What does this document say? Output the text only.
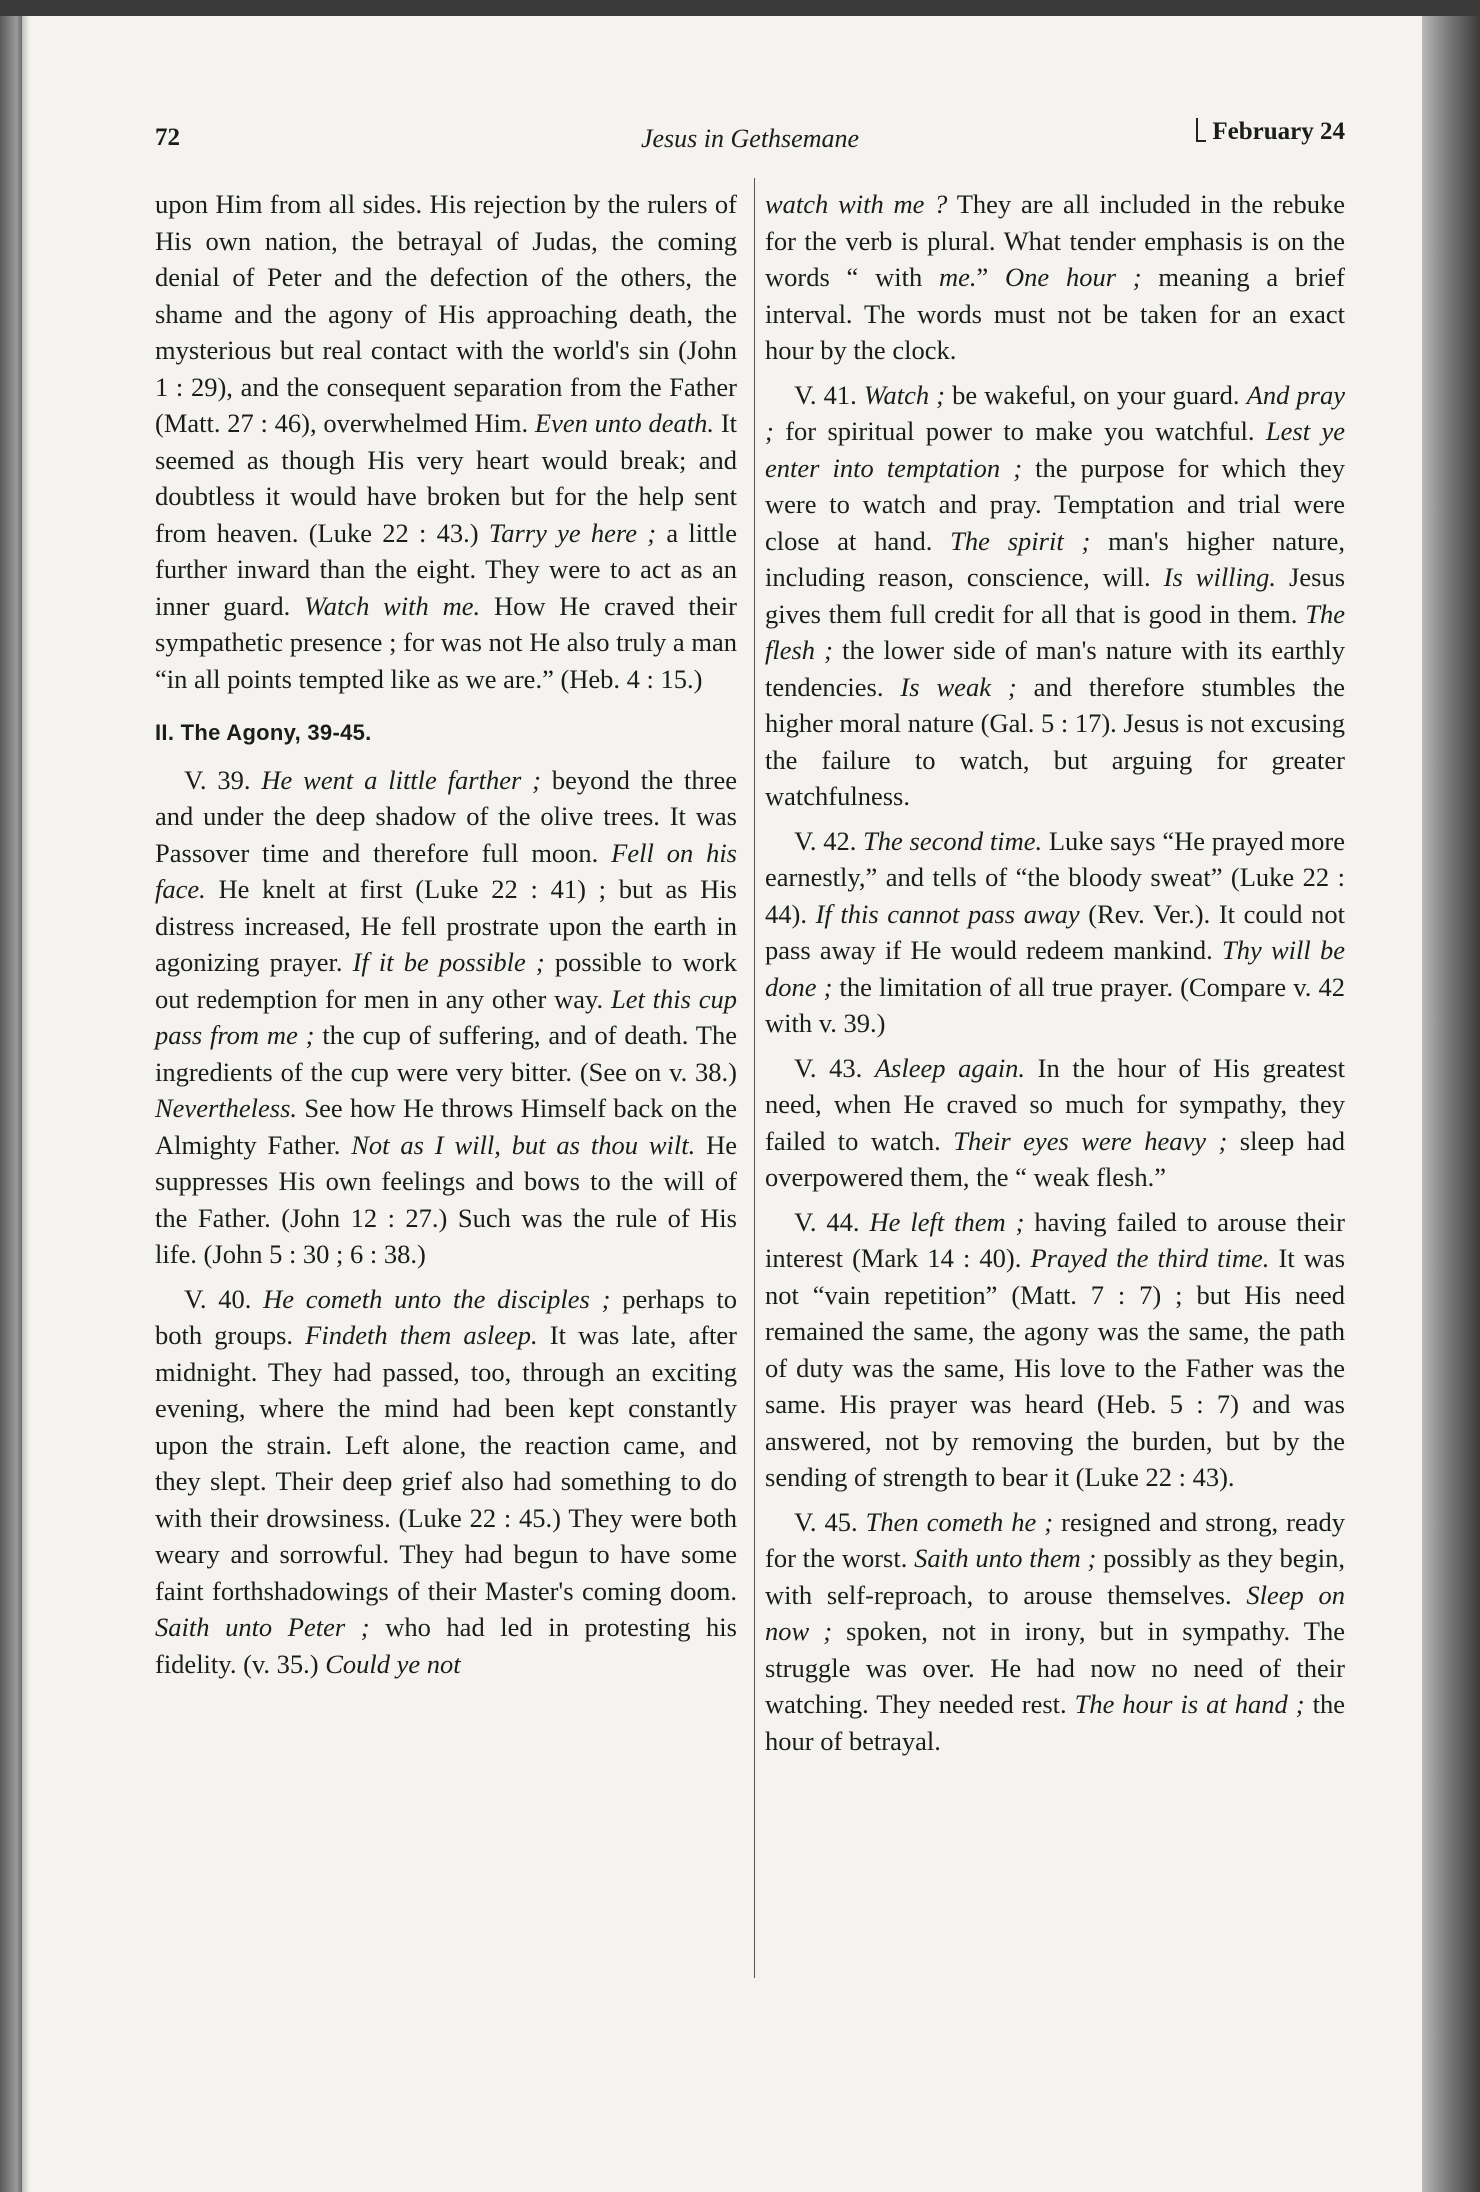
72	Jesus in Gethsemane	February 24

upon Him from all sides. His rejection by the rulers of His own nation, the betrayal of Judas, the coming denial of Peter and the defection of the others, the shame and the agony of His approaching death, the mysterious but real contact with the world's sin (John 1 : 29), and the consequent separation from the Father (Matt. 27 : 46), overwhelmed Him. Even unto death. It seemed as though His very heart would break; and doubtless it would have broken but for the help sent from heaven. (Luke 22 : 43.) Tarry ye here ; a little further inward than the eight. They were to act as an inner guard. Watch with me. How He craved their sympathetic presence ; for was not He also truly a man “in all points tempted like as we are.” (Heb. 4 : 15.)

II. The Agony, 39-45.

V. 39. He went a little farther ; beyond the three and under the deep shadow of the olive trees. It was Passover time and therefore full moon. Fell on his face. He knelt at first (Luke 22 : 41) ; but as His distress increased, He fell prostrate upon the earth in agonizing prayer. If it be possible ; possible to work out redemption for men in any other way. Let this cup pass from me ; the cup of suffering, and of death. The ingredients of the cup were very bitter. (See on v. 38.) Nevertheless. See how He throws Himself back on the Almighty Father. Not as I will, but as thou wilt. He suppresses His own feelings and bows to the will of the Father. (John 12 : 27.) Such was the rule of His life. (John 5 : 30 ; 6 : 38.)

V. 40. He cometh unto the disciples ; perhaps to both groups. Findeth them asleep. It was late, after midnight. They had passed, too, through an exciting evening, where the mind had been kept constantly upon the strain. Left alone, the reaction came, and they slept. Their deep grief also had something to do with their drowsiness. (Luke 22 : 45.) They were both weary and sorrowful. They had begun to have some faint forthshadowings of their Master's coming doom. Saith unto Peter ; who had led in protesting his fidelity. (v. 35.) Could ye not

watch with me ? They are all included in the rebuke for the verb is plural. What tender emphasis is on the words “ with me.” One hour ; meaning a brief interval. The words must not be taken for an exact hour by the clock.

V. 41. Watch ; be wakeful, on your guard. And pray ; for spiritual power to make you watchful. Lest ye enter into temptation ; the purpose for which they were to watch and pray. Temptation and trial were close at hand. The spirit ; man's higher nature, including reason, conscience, will. Is willing. Jesus gives them full credit for all that is good in them. The flesh ; the lower side of man's nature with its earthly tendencies. Is weak ; and therefore stumbles the higher moral nature (Gal. 5 : 17). Jesus is not excusing the failure to watch, but arguing for greater watchfulness.

V. 42. The second time. Luke says “He prayed more earnestly,” and tells of “the bloody sweat” (Luke 22 : 44). If this cannot pass away (Rev. Ver.). It could not pass away if He would redeem mankind. Thy will be done ; the limitation of all true prayer. (Compare v. 42 with v. 39.)

V. 43. Asleep again. In the hour of His greatest need, when He craved so much for sympathy, they failed to watch. Their eyes were heavy ; sleep had overpowered them, the “ weak flesh.”

V. 44. He left them ; having failed to arouse their interest (Mark 14 : 40). Prayed the third time. It was not “vain repetition” (Matt. 7 : 7) ; but His need remained the same, the agony was the same, the path of duty was the same, His love to the Father was the same. His prayer was heard (Heb. 5 : 7) and was answered, not by removing the burden, but by the sending of strength to bear it (Luke 22 : 43).

V. 45. Then cometh he ; resigned and strong, ready for the worst. Saith unto them ; possibly as they begin, with self-reproach, to arouse themselves. Sleep on now ; spoken, not in irony, but in sympathy. The struggle was over. He had now no need of their watching. They needed rest. The hour is at hand ; the hour of betrayal.
